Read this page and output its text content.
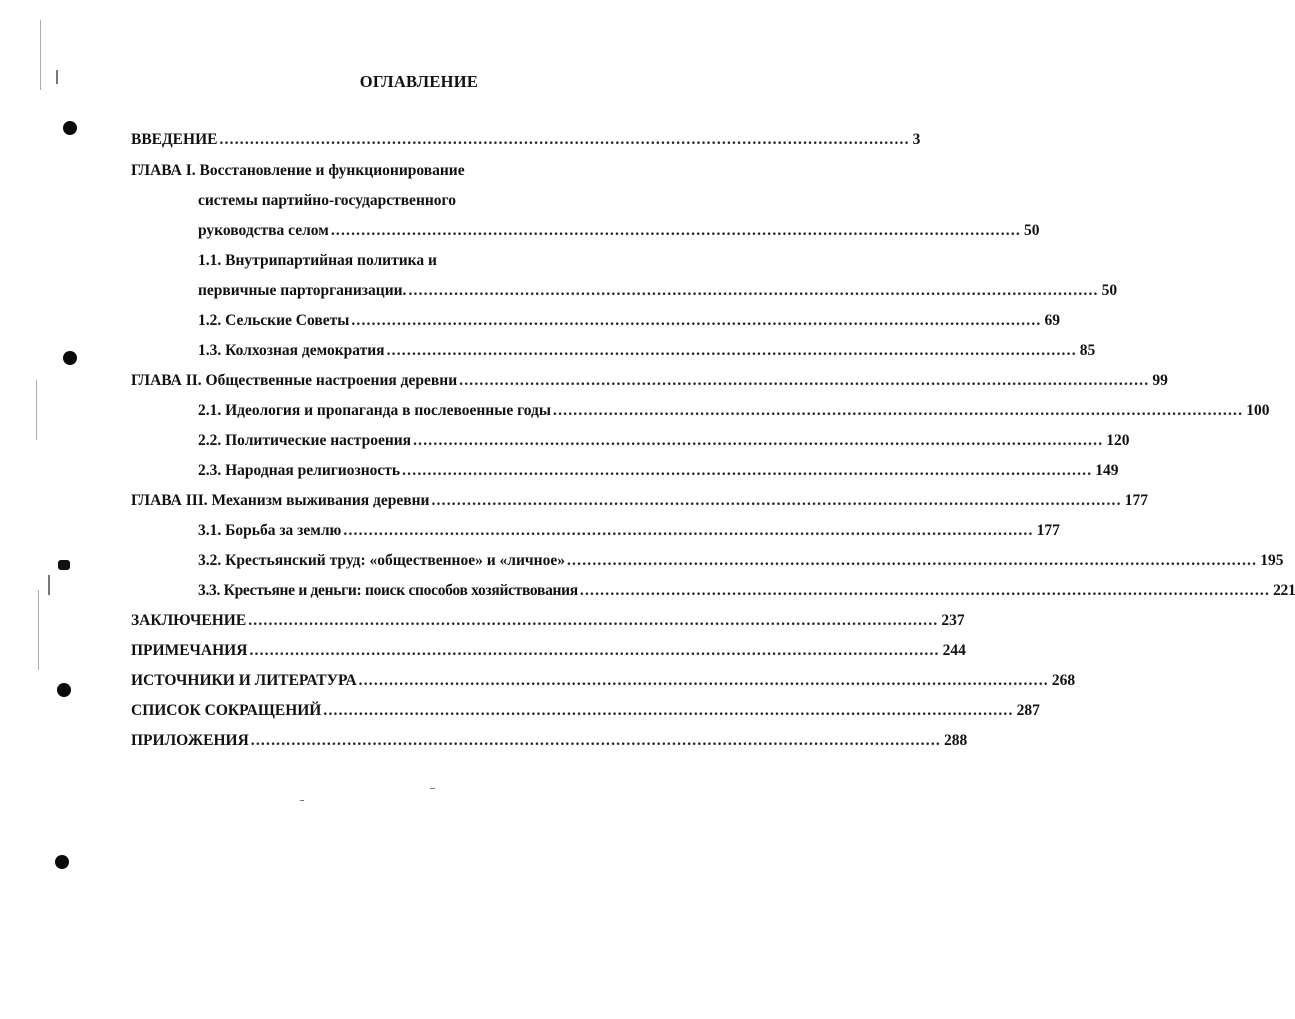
ОГЛАВЛЕНИЕ
ВВЕДЕНИЕ ........................................................................................................................................ 3
ГЛАВА I. Восстановление и функционирование
системы партийно-государственного
руководства селом ........................................................................................................................................ 50
1.1. Внутрипартийная политика и
первичные парторганизации. ........................................................................................................................................ 50
1.2. Сельские Советы ........................................................................................................................................ 69
1.3. Колхозная демократия ........................................................................................................................................ 85
ГЛАВА II. Общественные настроения деревни ........................................................................................................................................ 99
2.1. Идеология и пропаганда в послевоенные годы ........................................................................................................................................ 100
2.2. Политические настроения ........................................................................................................................................ 120
2.3. Народная религиозность ........................................................................................................................................ 149
ГЛАВА III. Механизм выживания деревни ........................................................................................................................................ 177
3.1. Борьба за землю ........................................................................................................................................ 177
3.2. Крестьянский труд: «общественное» и «личное» ........................................................................................................................................ 195
3.3. Крестьяне и деньги: поиск способов хозяйствования ........................................................................................................................................ 221
ЗАКЛЮЧЕНИЕ ........................................................................................................................................ 237
ПРИМЕЧАНИЯ ........................................................................................................................................ 244
ИСТОЧНИКИ И ЛИТЕРАТУРА ........................................................................................................................................ 268
СПИСОК СОКРАЩЕНИЙ ........................................................................................................................................ 287
ПРИЛОЖЕНИЯ ........................................................................................................................................ 288
